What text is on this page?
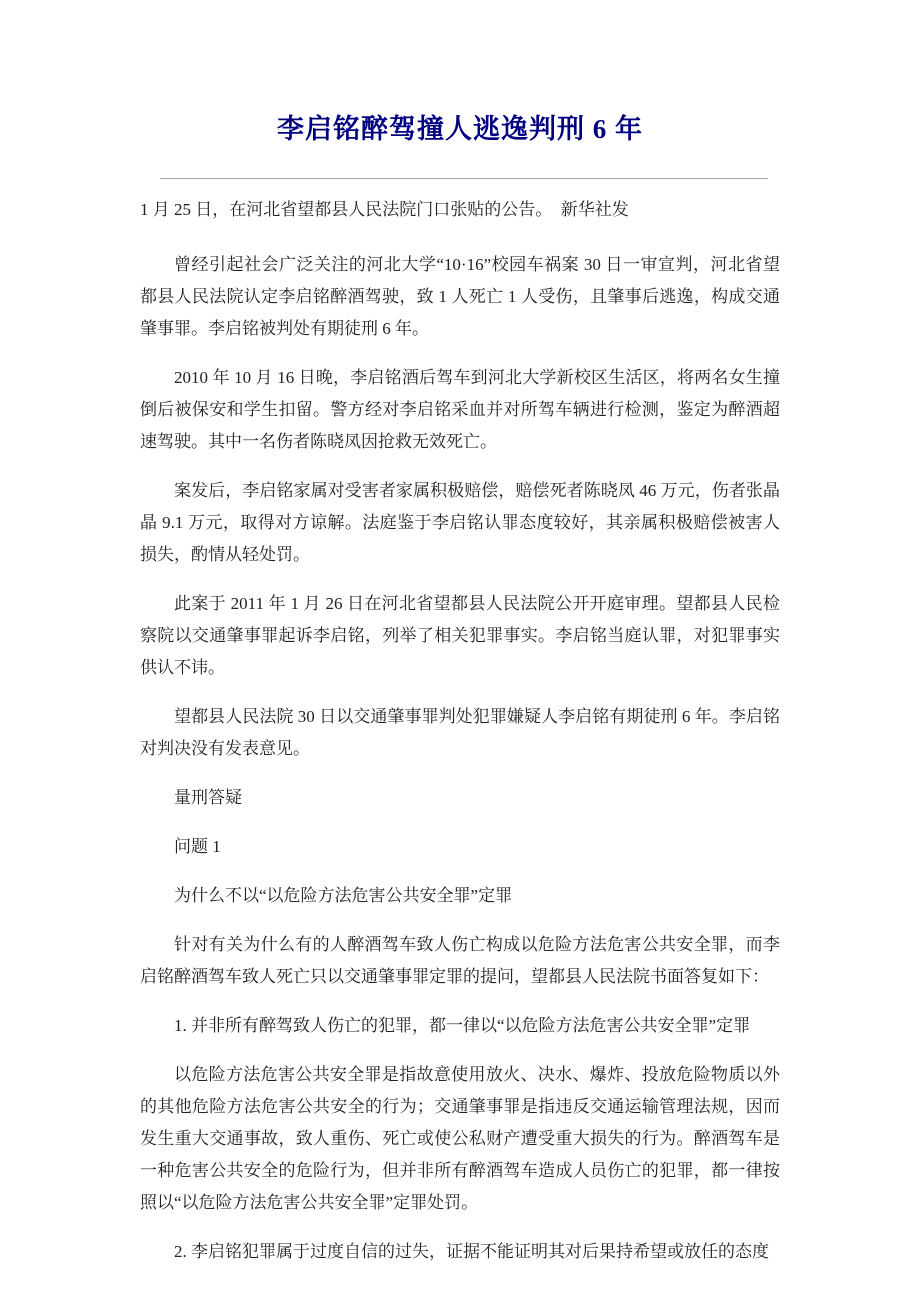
李启铭醉驾撞人逃逸判刑 6 年

1 月 25 日，在河北省望都县人民法院门口张贴的公告。　新华社发

曾经引起社会广泛关注的河北大学“10·16”校园车祸案 30 日一审宣判，河北省望都县人民法院认定李启铭醉酒驾驶，致 1 人死亡 1 人受伤，且肇事后逃逸，构成交通肇事罪。李启铭被判处有期徒刑 6 年。

2010 年 10 月 16 日晚，李启铭酒后驾车到河北大学新校区生活区，将两名女生撞倒后被保安和学生扣留。警方经对李启铭采血并对所驾车辆进行检测，鉴定为醉酒超速驾驶。其中一名伤者陈晓凤因抢救无效死亡。

案发后，李启铭家属对受害者家属积极赔偿，赔偿死者陈晓凤 46 万元，伤者张晶晶 9.1 万元，取得对方谅解。法庭鉴于李启铭认罪态度较好，其亲属积极赔偿被害人损失，酌情从轻处罚。

此案于 2011 年 1 月 26 日在河北省望都县人民法院公开开庭审理。望都县人民检察院以交通肇事罪起诉李启铭，列举了相关犯罪事实。李启铭当庭认罪，对犯罪事实供认不讳。

望都县人民法院 30 日以交通肇事罪判处犯罪嫌疑人李启铭有期徒刑 6 年。李启铭对判决没有发表意见。

量刑答疑

问题 1

为什么不以“以危险方法危害公共安全罪”定罪

针对有关为什么有的人醉酒驾车致人伤亡构成以危险方法危害公共安全罪，而李启铭醉酒驾车致人死亡只以交通肇事罪定罪的提问，望都县人民法院书面答复如下：

1. 并非所有醉驾致人伤亡的犯罪，都一律以“以危险方法危害公共安全罪”定罪

以危险方法危害公共安全罪是指故意使用放火、决水、爆炸、投放危险物质以外的其他危险方法危害公共安全的行为；交通肇事罪是指违反交通运输管理法规，因而发生重大交通事故，致人重伤、死亡或使公私财产遭受重大损失的行为。醉酒驾车是一种危害公共安全的危险行为，但并非所有醉酒驾车造成人员伤亡的犯罪，都一律按照以“以危险方法危害公共安全罪”定罪处罚。

2. 李启铭犯罪属于过度自信的过失，证据不能证明其对后果持希望或放任的态度
